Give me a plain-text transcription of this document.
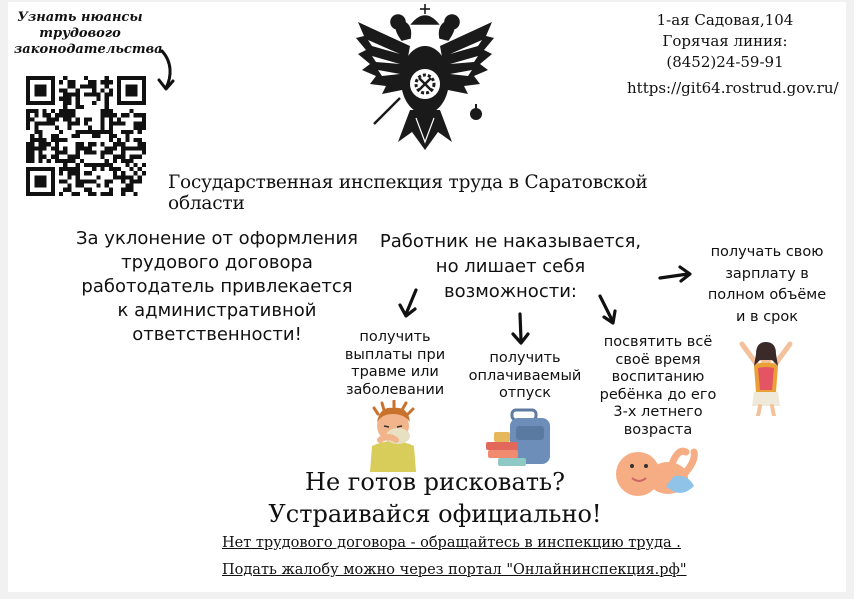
Узнать нюансы трудового законодательства
1-ая Садовая,104
Горячая линия:
(8452)24-59-91
https://git64.rostrud.gov.ru/
Государственная инспекция труда в Саратовской области
За уклонение от оформления трудового договора работодатель привлекается к административной ответственности!
Работник не наказывается, но лишает себя возможности:
получать свою зарплату в полном объёме и в срок
получить выплаты при травме или заболевании
получить оплачиваемый отпуск
посвятить всё своё время воспитанию ребёнка до его 3-х летнего возраста
Не готов рисковать?
Устраивайся официально!
Нет трудового договора - обращайтесь в инспекцию труда .
Подать жалобу можно через портал "Онлайнинспекция.рф"
